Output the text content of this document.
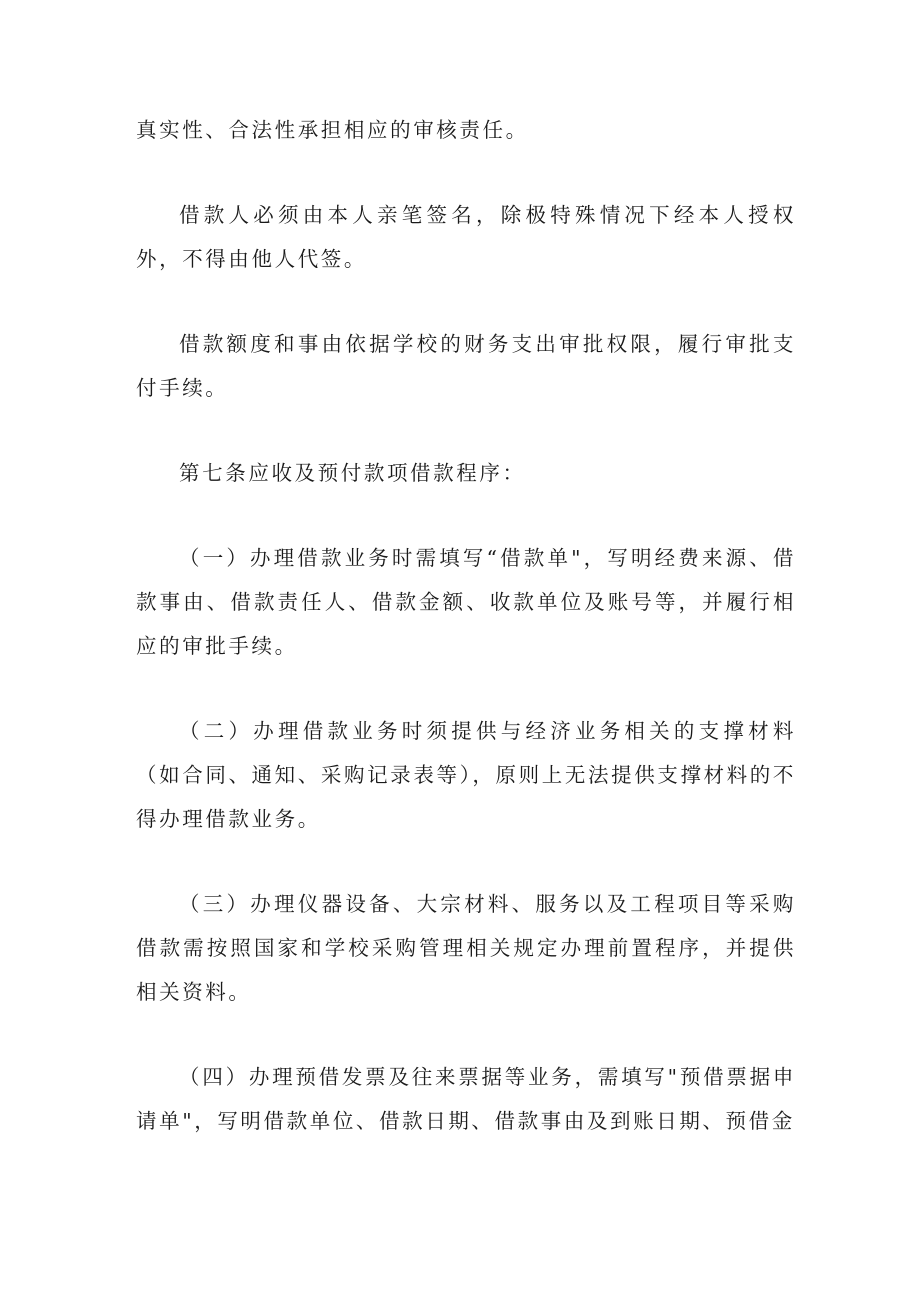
真实性、合法性承担相应的审核责任。

借款人必须由本人亲笔签名，除极特殊情况下经本人授权外，不得由他人代签。

借款额度和事由依据学校的财务支出审批权限，履行审批支付手续。

第七条应收及预付款项借款程序：

（一）办理借款业务时需填写“借款单"，写明经费来源、借款事由、借款责任人、借款金额、收款单位及账号等，并履行相应的审批手续。

（二）办理借款业务时须提供与经济业务相关的支撑材料（如合同、通知、采购记录表等），原则上无法提供支撑材料的不得办理借款业务。

（三）办理仪器设备、大宗材料、服务以及工程项目等采购借款需按照国家和学校采购管理相关规定办理前置程序，并提供相关资料。

（四）办理预借发票及往来票据等业务，需填写"预借票据申请单"，写明借款单位、借款日期、借款事由及到账日期、预借金
